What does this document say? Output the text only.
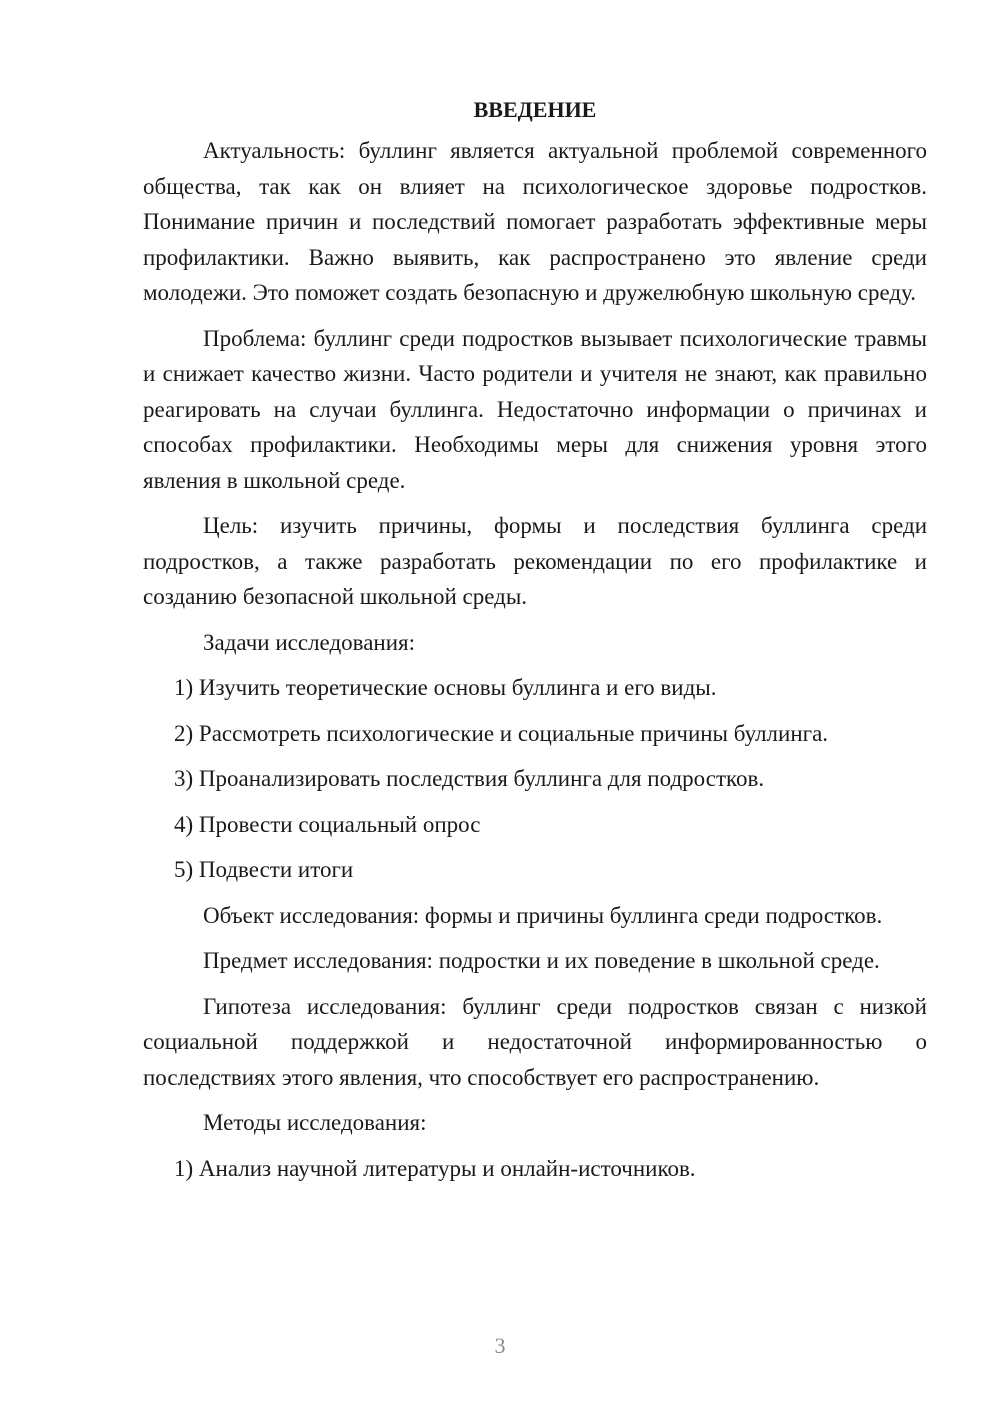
ВВЕДЕНИЕ

Актуальность: буллинг является актуальной проблемой современного общества, так как он влияет на психологическое здоровье подростков. Понимание причин и последствий помогает разработать эффективные меры профилактики. Важно выявить, как распространено это явление среди молодежи. Это поможет создать безопасную и дружелюбную школьную среду.

Проблема: буллинг среди подростков вызывает психологические травмы и снижает качество жизни. Часто родители и учителя не знают, как правильно реагировать на случаи буллинга. Недостаточно информации о причинах и способах профилактики. Необходимы меры для снижения уровня этого явления в школьной среде.

Цель: изучить причины, формы и последствия буллинга среди подростков, а также разработать рекомендации по его профилактике и созданию безопасной школьной среды.

Задачи исследования:

1) Изучить теоретические основы буллинга и его виды.

2) Рассмотреть психологические и социальные причины буллинга.

3) Проанализировать последствия буллинга для подростков.

4) Провести социальный опрос

5) Подвести итоги

Объект исследования: формы и причины буллинга среди подростков.

Предмет исследования: подростки и их поведение в школьной среде.

Гипотеза исследования: буллинг среди подростков связан с низкой социальной поддержкой и недостаточной информированностью о последствиях этого явления, что способствует его распространению.

Методы исследования:

1) Анализ научной литературы и онлайн-источников.

3
